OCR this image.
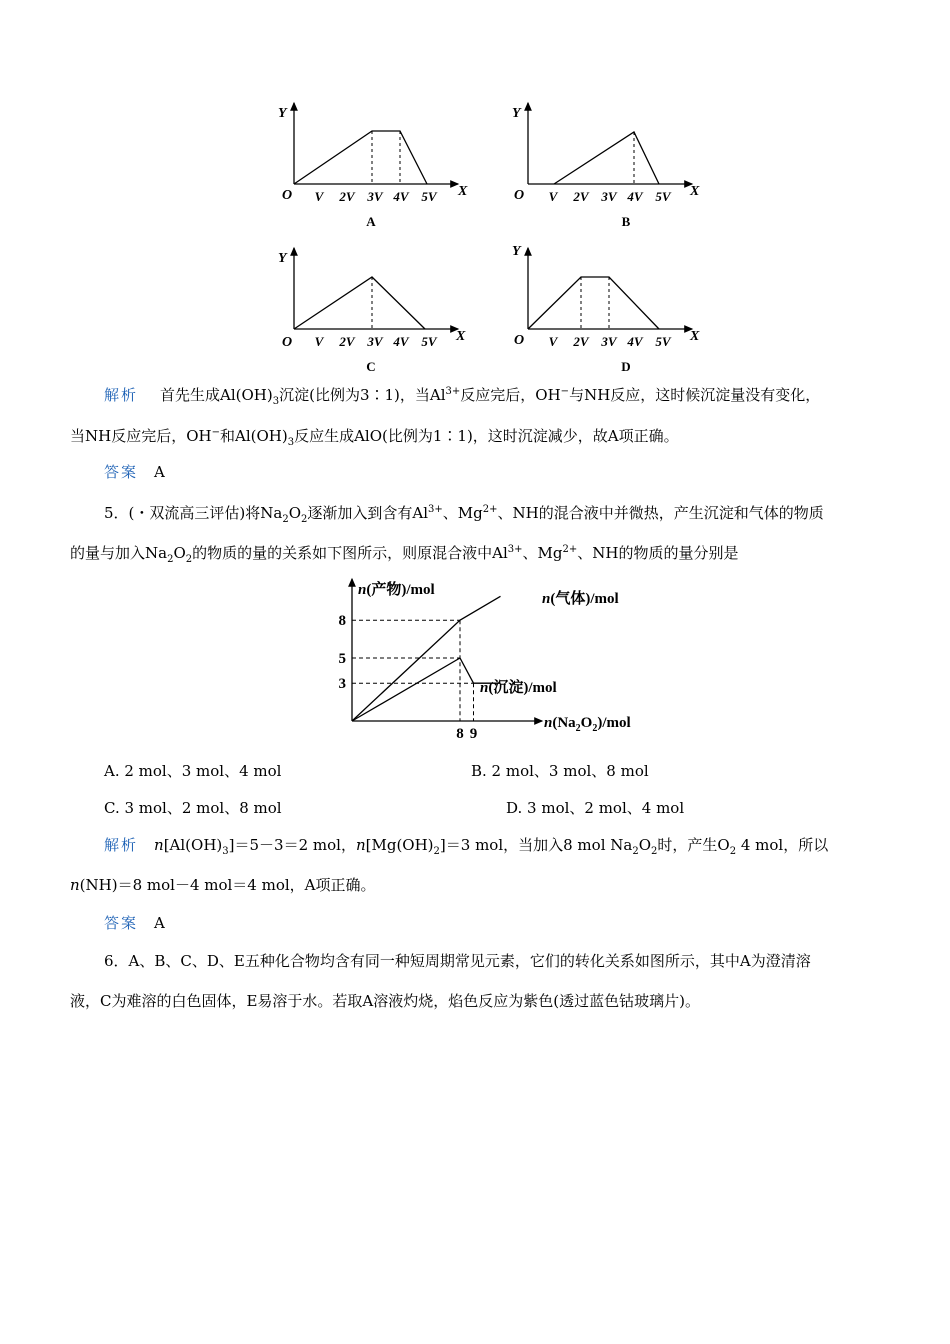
Y
X
O V 2V 3V 4V 5V
A
Y
X
O V 2V 3V 4V 5V
B
Y
X
O V 2V 3V 4V 5V
C
Y
X
O V 2V 3V 4V 5V
D
解析 首先生成$Al(OH)_3$沉淀(比例为3∶1)，当$Al^{3+}$反应完后，OH−与NH反应，这时候沉淀量没有变化，
当NH反应完后，OH−和$Al(OH)_3$反应生成AlO(比例为1∶1)，这时沉淀减少，故A项正确。
答案 A
5．(・双流高三评估)将$Na_2O_2$逐渐加入到含有$Al^{3+}$、$Mg^{2+}$、NH的混合液中并微热，产生沉淀和气体的物质
的量与加入$Na_2O_2$的物质的量的关系如下图所示，则原混合液中$Al^{3+}$、$Mg^{2+}$、NH的物质的量分别是
8
5
3
8 9
n(产物)/mol
$n(Na_2O_2)$/mol
n(气体)/mol
n(沉淀)/mol
A. 2 mol、3 mol、4 mol	B. 2 mol、3 mol、8 mol
C. 3 mol、2 mol、8 mol	D. 3 mol、2 mol、4 mol
解析 $n[Al(OH)_3]=5-3=2$ mol，$n[Mg(OH)_2]=3$ mol，当加入8 mol $Na_2O_2$时，产生$O_2$ 4 mol，所以
n(NH)＝8 mol－4 mol＝4 mol，A项正确。
答案 A
6．A、B、C、D、E五种化合物均含有同一种短周期常见元素，它们的转化关系如图所示，其中A为澄清溶
液，C为难溶的白色固体，E易溶于水。若取A溶液灼烧，焰色反应为紫色(透过蓝色钴玻璃片)。
